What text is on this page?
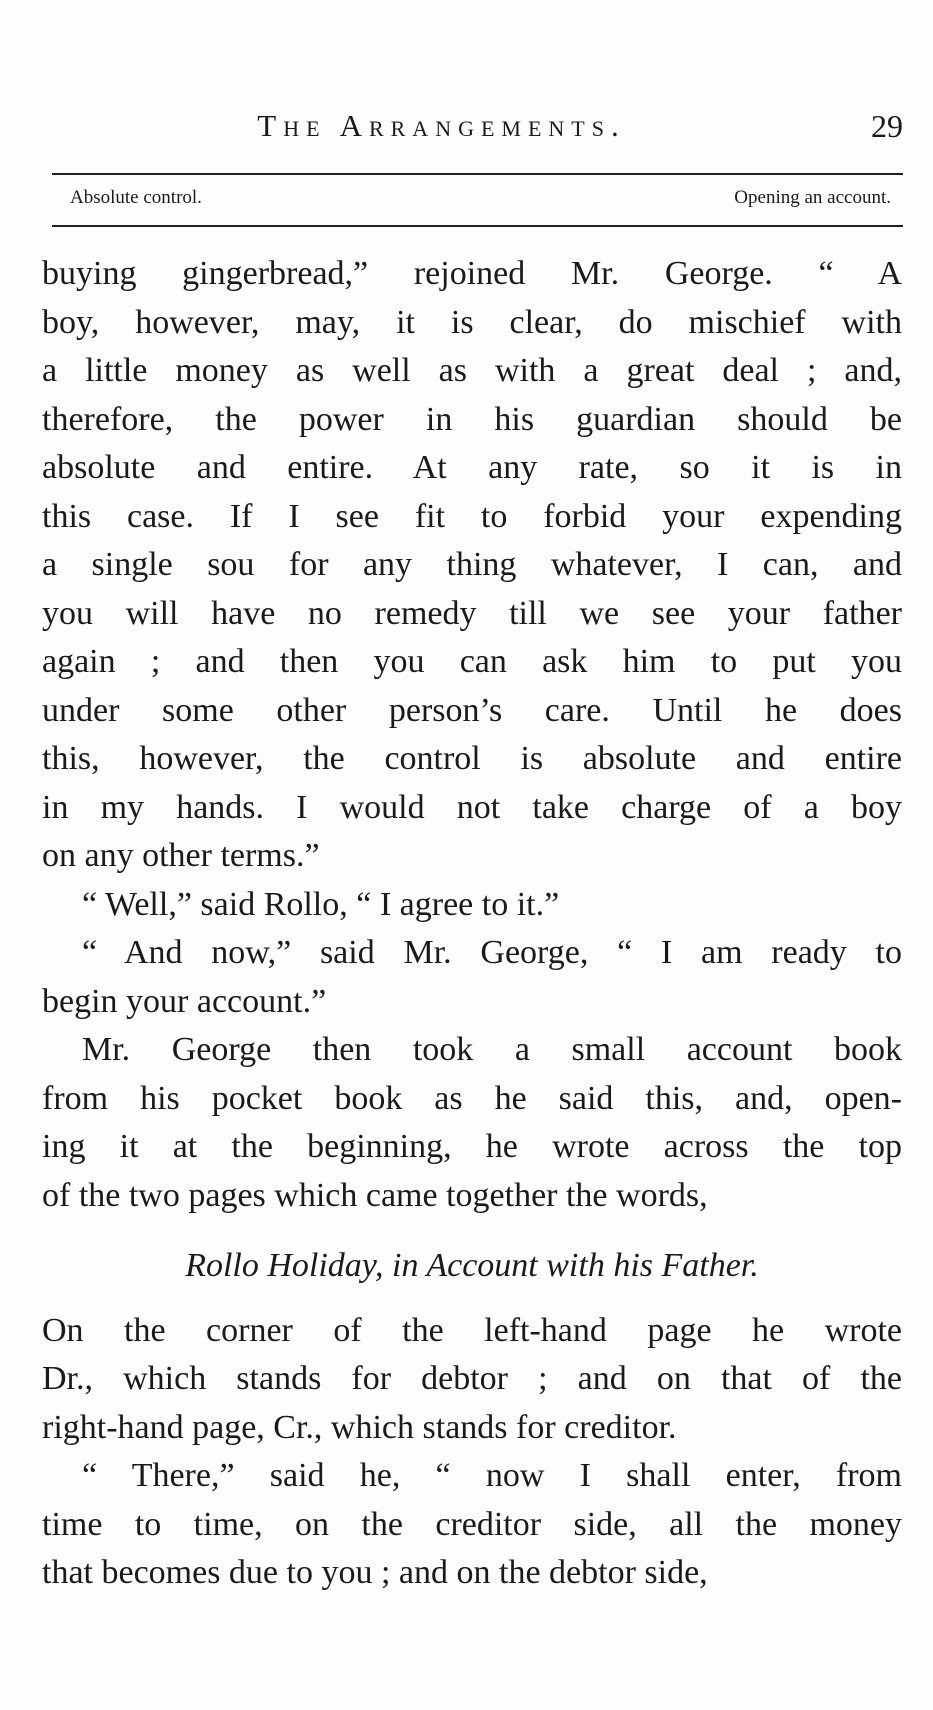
The Arrangements.	29
Absolute control.	Opening an account.

buying gingerbread,” rejoined Mr. George. “ A
boy, however, may, it is clear, do mischief with
a little money as well as with a great deal ; and,
therefore, the power in his guardian should be
absolute and entire. At any rate, so it is in
this case. If I see fit to forbid your expending
a single sou for any thing whatever, I can, and
you will have no remedy till we see your father
again ; and then you can ask him to put you
under some other person’s care. Until he does
this, however, the control is absolute and entire
in my hands. I would not take charge of a boy
on any other terms.”

“ Well,” said Rollo, “ I agree to it.”

“ And now,” said Mr. George, “ I am ready to
begin your account.”

Mr. George then took a small account book
from his pocket book as he said this, and, open-
ing it at the beginning, he wrote across the top
of the two pages which came together the words,

Rollo Holiday, in Account with his Father.

On the corner of the left-hand page he wrote
Dr., which stands for debtor ; and on that of the
right-hand page, Cr., which stands for creditor.

“ There,” said he, “ now I shall enter, from
time to time, on the creditor side, all the money
that becomes due to you ; and on the debtor side,
